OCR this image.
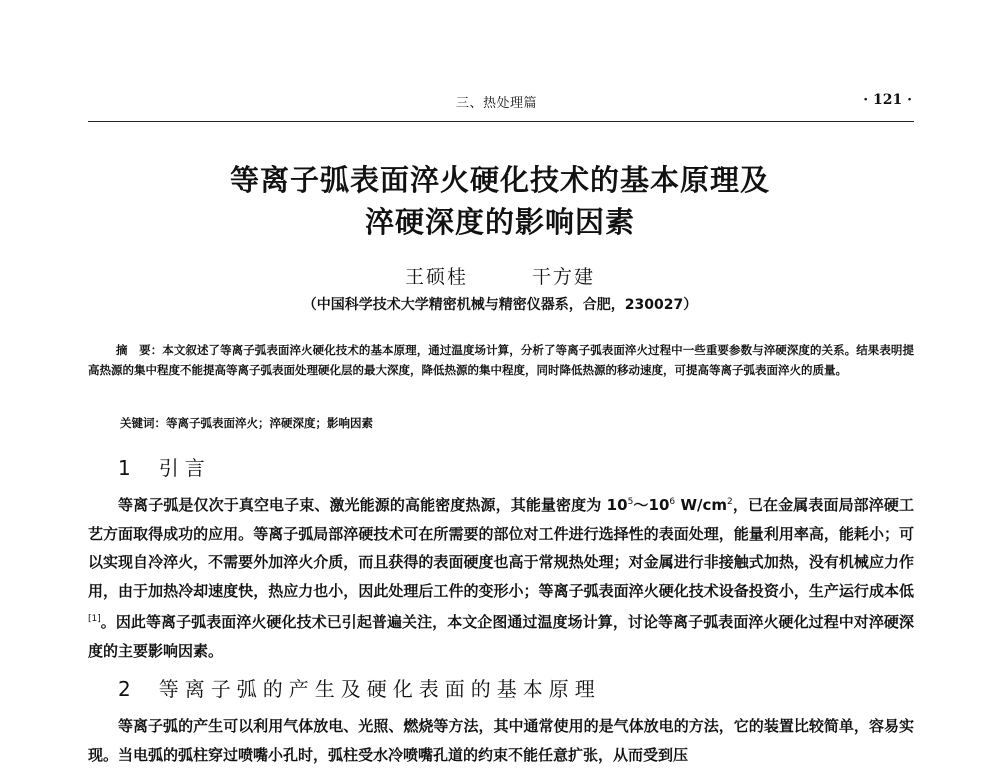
三、热处理篇	· 121 ·
等离子弧表面淬火硬化技术的基本原理及
淬硬深度的影响因素
王硕桂	干方建
（中国科学技术大学精密机械与精密仪器系，合肥，230027）
摘　要：本文叙述了等离子弧表面淬火硬化技术的基本原理，通过温度场计算，分析了等离子弧表面淬火过程中一些重要参数与淬硬深度的关系。结果表明提高热源的集中程度不能提高等离子弧表面处理硬化层的最大深度，降低热源的集中程度，同时降低热源的移动速度，可提高等离子弧表面淬火的质量。
关键词：等离子弧表面淬火；淬硬深度；影响因素
1 引言
等离子弧是仅次于真空电子束、激光能源的高能密度热源，其能量密度为 $10^5\sim 10^6$ $W/cm^2$，已在金属表面局部淬硬工艺方面取得成功的应用。等离子弧局部淬硬技术可在所需要的部位对工件进行选择性的表面处理，能量利用率高，能耗小；可以实现自冷淬火，不需要外加淬火介质，而且获得的表面硬度也高于常规热处理；对金属进行非接触式加热，没有机械应力作用，由于加热冷却速度快，热应力也小，因此处理后工件的变形小；等离子弧表面淬火硬化技术设备投资小，生产运行成本低[1]。因此等离子弧表面淬火硬化技术已引起普遍关注，本文企图通过温度场计算，讨论等离子弧表面淬火硬化过程中对淬硬深度的主要影响因素。
2 等离子弧的产生及硬化表面的基本原理
等离子弧的产生可以利用气体放电、光照、燃烧等方法，其中通常使用的是气体放电的方法，它的装置比较简单，容易实现。当电弧的弧柱穿过喷嘴小孔时，弧柱受水冷喷嘴孔道的约束不能任意扩张，从而受到压
